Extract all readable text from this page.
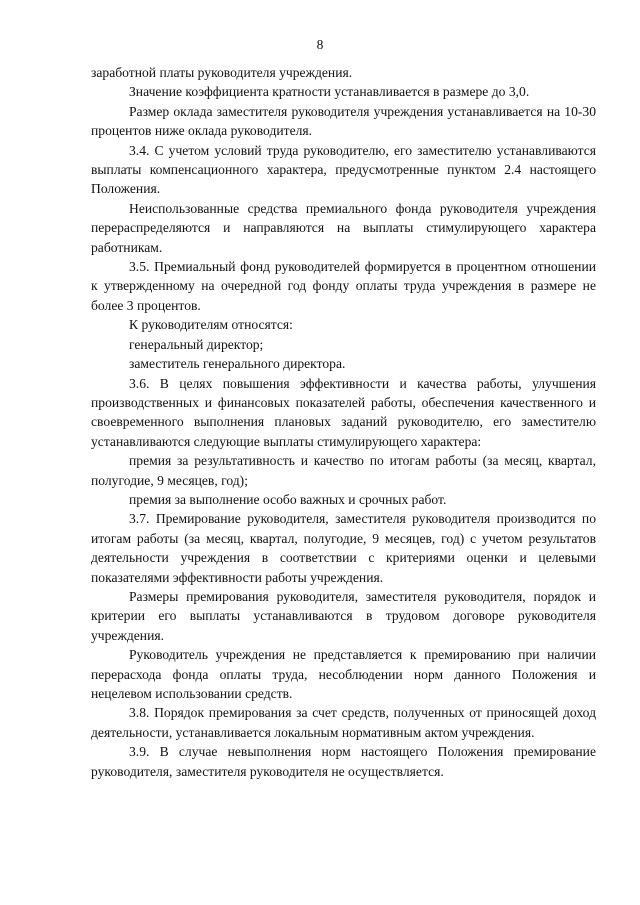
8

заработной платы руководителя учреждения.

Значение коэффициента кратности устанавливается в размере до 3,0.

Размер оклада заместителя руководителя учреждения устанавливается на 10-30 процентов ниже оклада руководителя.

3.4. С учетом условий труда руководителю, его заместителю устанавливаются выплаты компенсационного характера, предусмотренные пунктом 2.4 настоящего Положения.

Неиспользованные средства премиального фонда руководителя учреждения перераспределяются и направляются на выплаты стимулирующего характера работникам.

3.5. Премиальный фонд руководителей формируется в процентном отношении к утвержденному на очередной год фонду оплаты труда учреждения в размере не более 3 процентов.

К руководителям относятся:

генеральный директор;

заместитель генерального директора.

3.6. В целях повышения эффективности и качества работы, улучшения производственных и финансовых показателей работы, обеспечения качественного и своевременного выполнения плановых заданий руководителю, его заместителю устанавливаются следующие выплаты стимулирующего характера:

премия за результативность и качество по итогам работы (за месяц, квартал, полугодие, 9 месяцев, год);

премия за выполнение особо важных и срочных работ.

3.7. Премирование руководителя, заместителя руководителя производится по итогам работы (за месяц, квартал, полугодие, 9 месяцев, год) с учетом результатов деятельности учреждения в соответствии с критериями оценки и целевыми показателями эффективности работы учреждения.

Размеры премирования руководителя, заместителя руководителя, порядок и критерии его выплаты устанавливаются в трудовом договоре руководителя учреждения.

Руководитель учреждения не представляется к премированию при наличии перерасхода фонда оплаты труда, несоблюдении норм данного Положения и нецелевом использовании средств.

3.8. Порядок премирования за счет средств, полученных от приносящей доход деятельности, устанавливается локальным нормативным актом учреждения.

3.9. В случае невыполнения норм настоящего Положения премирование руководителя, заместителя руководителя не осуществляется.
